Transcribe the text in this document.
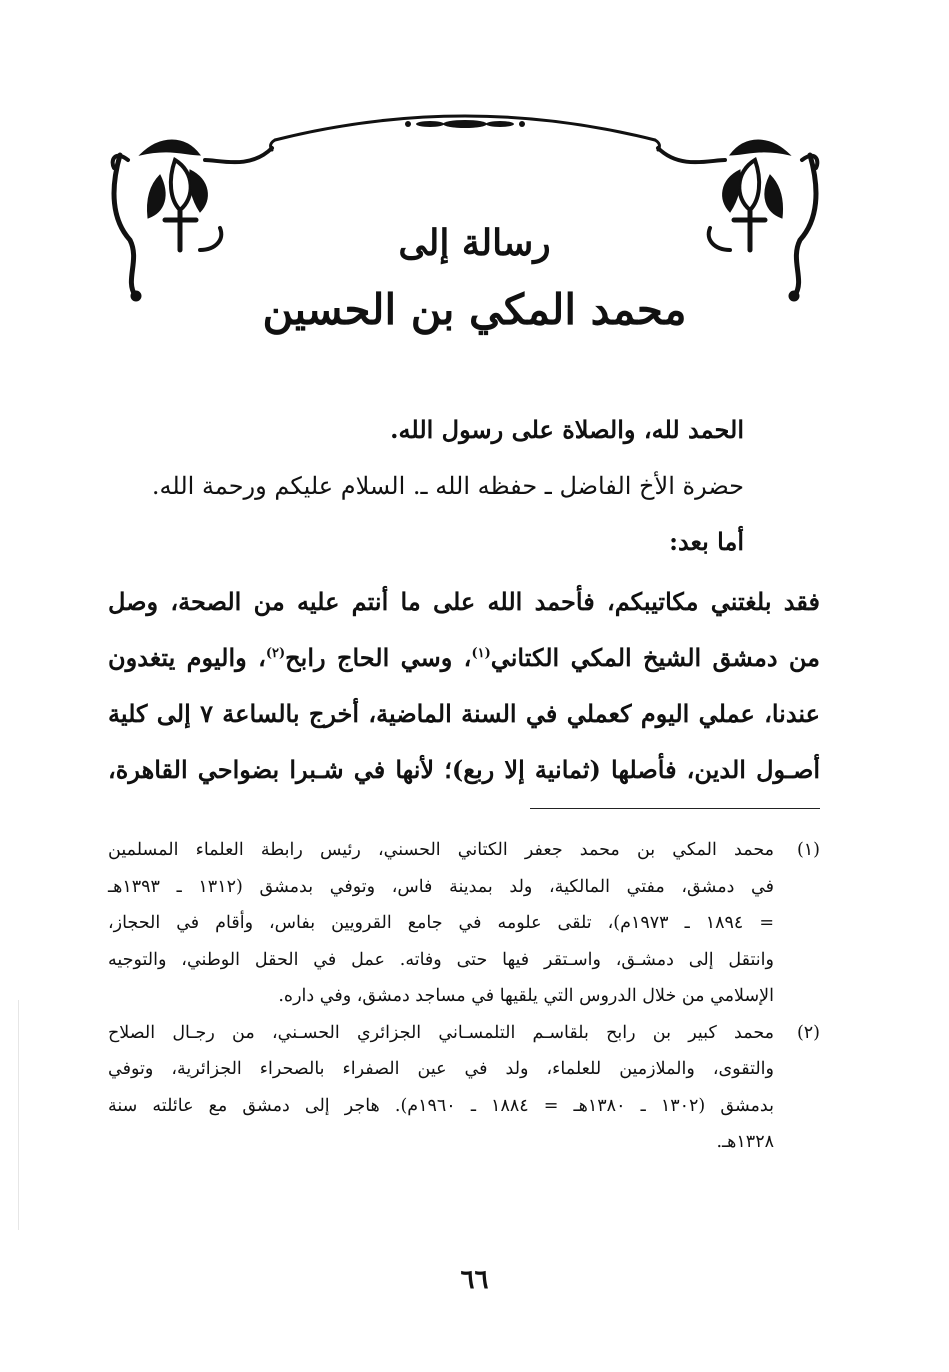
رسالة إلى
محمد المكي بن الحسين
الحمد لله، والصلاة على رسول الله.
حضرة الأخ الفاضل ـ حفظه الله ـ. السلام عليكم ورحمة الله.
أما بعد:
فقد بلغتني مكاتيبكم، فأحمد الله على ما أنتم عليه من الصحة، وصل
من دمشق الشيخ المكي الكتاني$^{(١)}$، وسي الحاج رابح$^{(٢)}$، واليوم يتغدون
عندنا، عملي اليوم كعملي في السنة الماضية، أخرج بالساعة ٧ إلى كلية
أصـول الدين، فأصلها (ثمانية إلا ربع)؛ لأنها في شـبرا بضواحي القاهرة،
(١)
محمد المكي بن محمد جعفر الكتاني الحسني، رئيس رابطة العلماء المسلمين
في دمشق، مفتي المالكية، ولد بمدينة فاس، وتوفي بدمشق (١٣١٢ ـ ١٣٩٣هـ
= ١٨٩٤ ـ ١٩٧٣م)، تلقى علومه في جامع القرويين بفاس، وأقام في الحجاز،
وانتقل إلى دمشـق، واسـتقر فيها حتى وفاته. عمل في الحقل الوطني، والتوجيه
الإسلامي من خلال الدروس التي يلقيها في مساجد دمشق، وفي داره.
(٢)
محمد كبير بن رابح بلقاسـم التلمسـاني الجزائري الحسـني، من رجـال الصلاح
والتقوى، والملازمين للعلماء، ولد في عين الصفراء بالصحراء الجزائرية، وتوفي
بدمشق (١٣٠٢ ـ ١٣٨٠هـ = ١٨٨٤ ـ ١٩٦٠م). هاجر إلى دمشق مع عائلته سنة
١٣٢٨هـ.
٦٦
